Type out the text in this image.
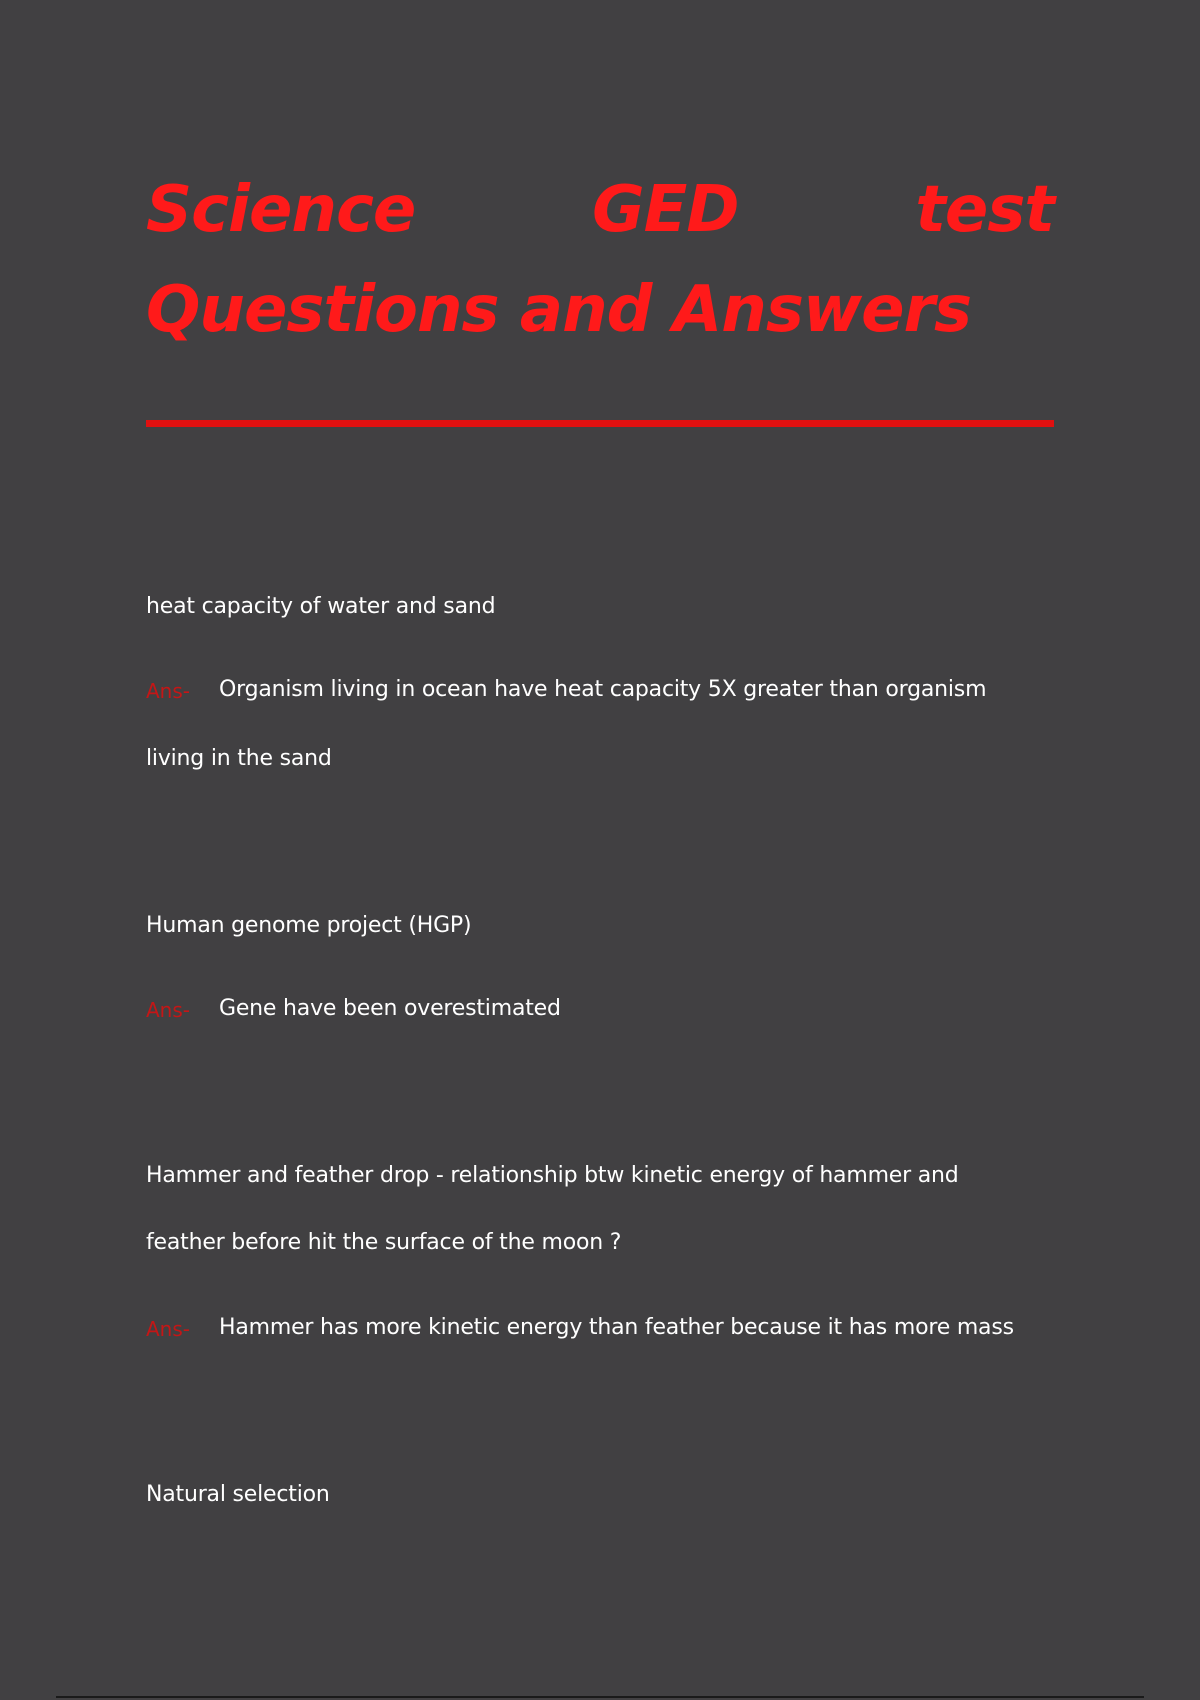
Science	GED	test
Questions and Answers
heat capacity of water and sand
Ans- Organism living in ocean have heat capacity 5X greater than organism
living in the sand
Human genome project (HGP)
Ans- Gene have been overestimated
Hammer and feather drop - relationship btw kinetic energy of hammer and
feather before hit the surface of the moon ?
Ans- Hammer has more kinetic energy than feather because it has more mass
Natural selection
